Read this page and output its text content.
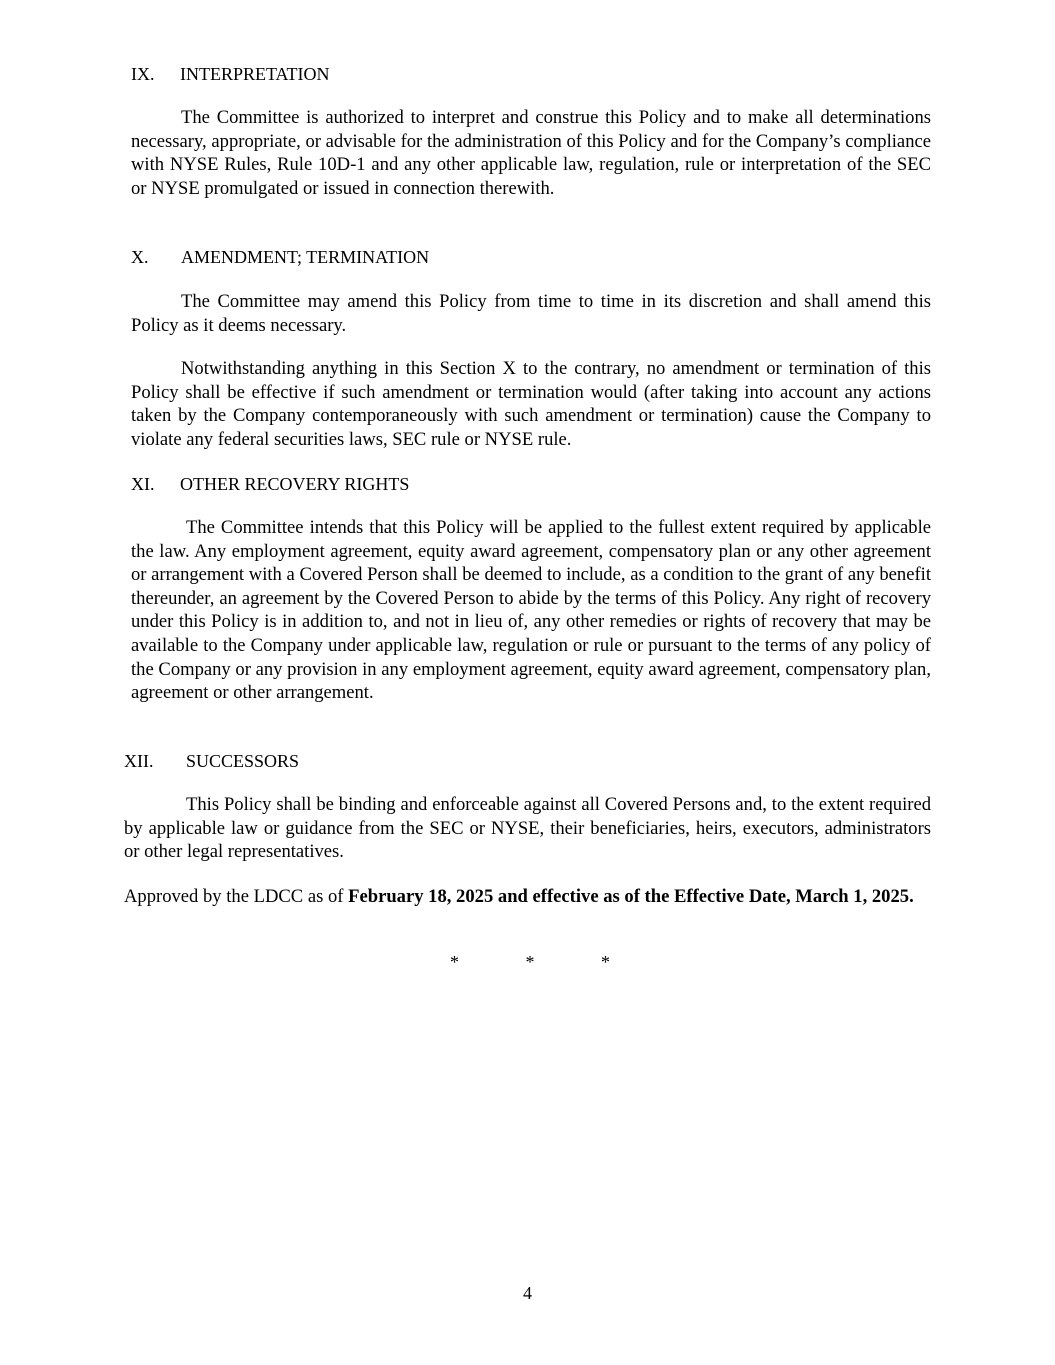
IX. INTERPRETATION
The Committee is authorized to interpret and construe this Policy and to make all determinations necessary, appropriate, or advisable for the administration of this Policy and for the Company’s compliance with NYSE Rules, Rule 10D-1 and any other applicable law, regulation, rule or interpretation of the SEC or NYSE promulgated or issued in connection therewith.
X. AMENDMENT; TERMINATION
The Committee may amend this Policy from time to time in its discretion and shall amend this Policy as it deems necessary.
Notwithstanding anything in this Section X to the contrary, no amendment or termination of this Policy shall be effective if such amendment or termination would (after taking into account any actions taken by the Company contemporaneously with such amendment or termination) cause the Company to violate any federal securities laws, SEC rule or NYSE rule.
XI. OTHER RECOVERY RIGHTS
The Committee intends that this Policy will be applied to the fullest extent required by applicable the law. Any employment agreement, equity award agreement, compensatory plan or any other agreement or arrangement with a Covered Person shall be deemed to include, as a condition to the grant of any benefit thereunder, an agreement by the Covered Person to abide by the terms of this Policy. Any right of recovery under this Policy is in addition to, and not in lieu of, any other remedies or rights of recovery that may be available to the Company under applicable law, regulation or rule or pursuant to the terms of any policy of the Company or any provision in any employment agreement, equity award agreement, compensatory plan, agreement or other arrangement.
XII. SUCCESSORS
This Policy shall be binding and enforceable against all Covered Persons and, to the extent required by applicable law or guidance from the SEC or NYSE, their beneficiaries, heirs, executors, administrators or other legal representatives.
Approved by the LDCC as of February 18, 2025 and effective as of the Effective Date, March 1, 2025.
*	*	*
4
